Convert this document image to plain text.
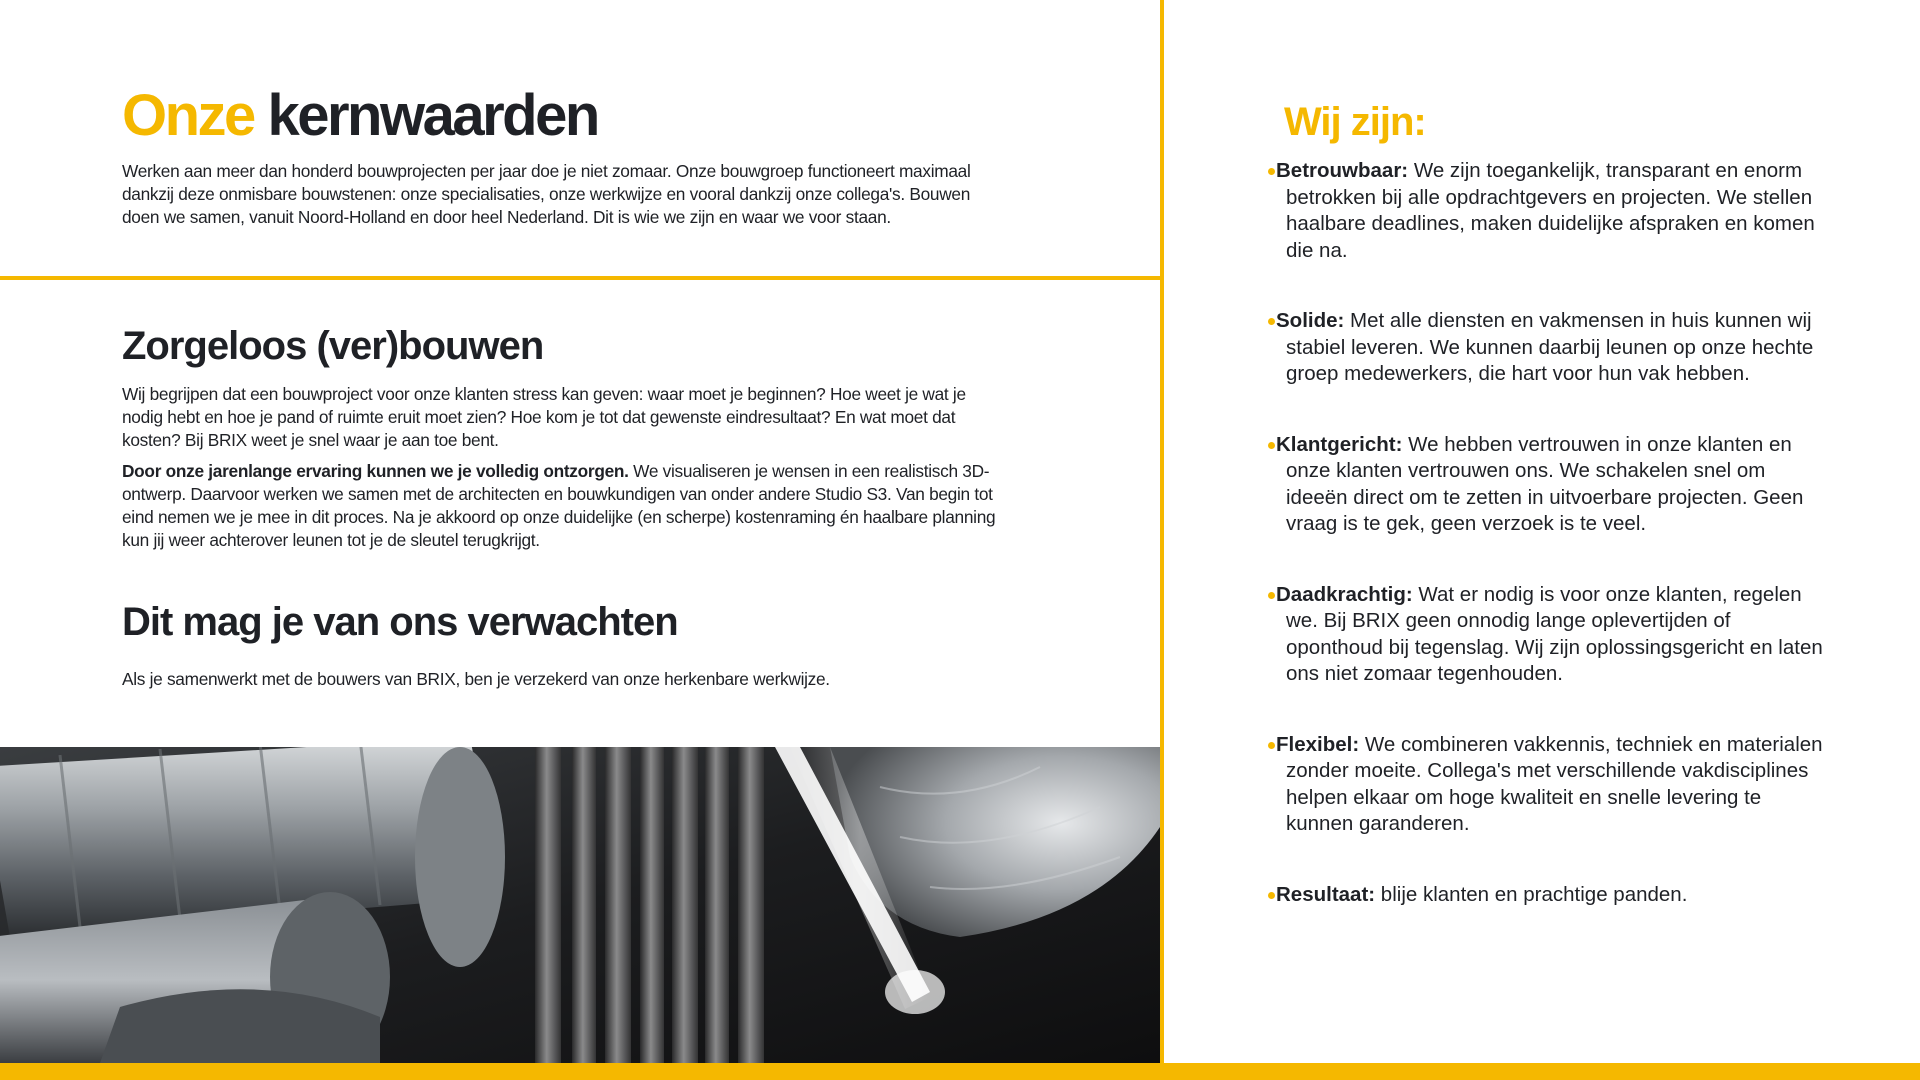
Onze kernwaarden

Werken aan meer dan honderd bouwprojecten per jaar doe je niet zomaar. Onze bouwgroep functioneert maximaal dankzij deze onmisbare bouwstenen: onze specialisaties, onze werkwijze en vooral dankzij onze collega's. Bouwen doen we samen, vanuit Noord-Holland en door heel Nederland. Dit is wie we zijn en waar we voor staan.

Zorgeloos (ver)bouwen

Wij begrijpen dat een bouwproject voor onze klanten stress kan geven: waar moet je beginnen? Hoe weet je wat je nodig hebt en hoe je pand of ruimte eruit moet zien? Hoe kom je tot dat gewenste eindresultaat? En wat moet dat kosten? Bij BRIX weet je snel waar je aan toe bent.

Door onze jarenlange ervaring kunnen we je volledig ontzorgen. We visualiseren je wensen in een realistisch 3D-ontwerp. Daarvoor werken we samen met de architecten en bouwkundigen van onder andere Studio S3. Van begin tot eind nemen we je mee in dit proces. Na je akkoord op onze duidelijke (en scherpe) kostenraming én haalbare planning kun jij weer achterover leunen tot je de sleutel terugkrijgt.

Dit mag je van ons verwachten

Als je samenwerkt met de bouwers van BRIX, ben je verzekerd van onze herkenbare werkwijze.

Wij zijn:
Betrouwbaar: We zijn toegankelijk, transparant en enorm betrokken bij alle opdrachtgevers en projecten. We stellen haalbare deadlines, maken duidelijke afspraken en komen die na.
Solide: Met alle diensten en vakmensen in huis kunnen wij stabiel leveren. We kunnen daarbij leunen op onze hechte groep medewerkers, die hart voor hun vak hebben.
Klantgericht: We hebben vertrouwen in onze klanten en onze klanten vertrouwen ons. We schakelen snel om ideeën direct om te zetten in uitvoerbare projecten. Geen vraag is te gek, geen verzoek is te veel.
Daadkrachtig: Wat er nodig is voor onze klanten, regelen we. Bij BRIX geen onnodig lange oplevertijden of oponthoud bij tegenslag. Wij zijn oplossingsgericht en laten ons niet zomaar tegenhouden.
Flexibel: We combineren vakkennis, techniek en materialen zonder moeite. Collega's met verschillende vakdisciplines helpen elkaar om hoge kwaliteit en snelle levering te kunnen garanderen.
Resultaat: blije klanten en prachtige panden.
